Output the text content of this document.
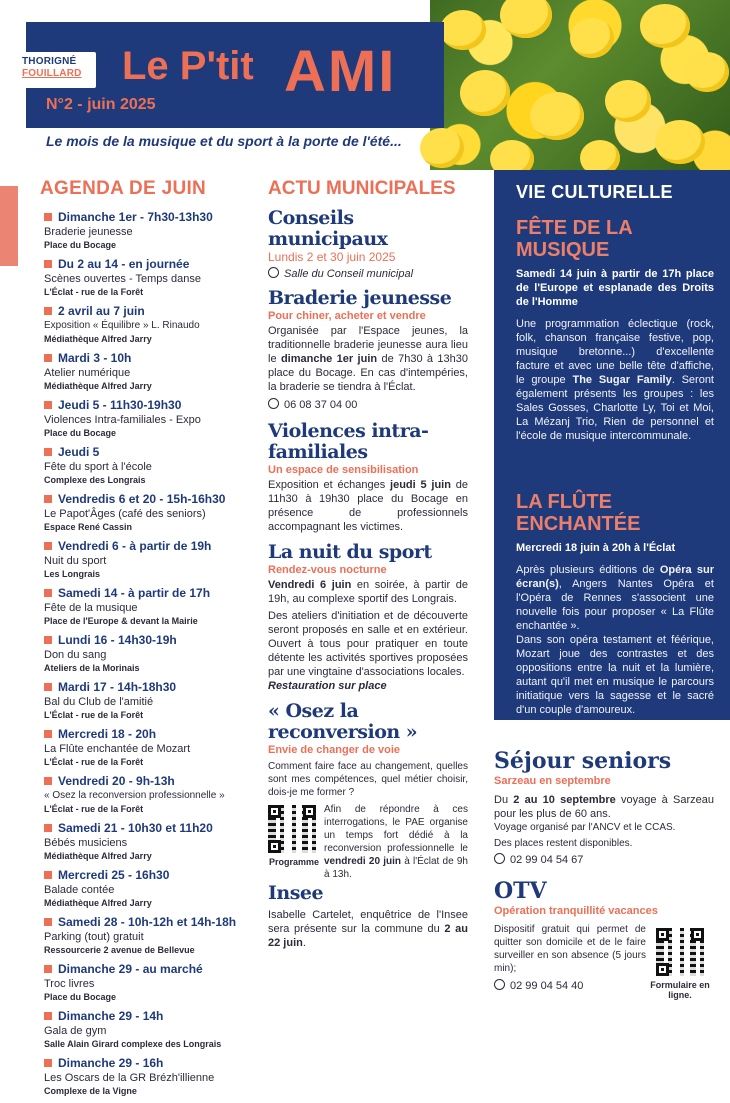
THORIGNÉ
FOUILLARD Le P'tit AMI
N°2 - juin 2025
Le mois de la musique et du sport à la porte de l'été...
AGENDA DE JUIN
Dimanche 1er - 7h30-13h30
Braderie jeunesse
Place du Bocage
Du 2 au 14 - en journée
Scènes ouvertes - Temps danse
L'Éclat - rue de la Forêt
2 avril au 7 juin
Exposition « Équilibre » L. Rinaudo
Médiathèque Alfred Jarry
Mardi 3 - 10h
Atelier numérique
Médiathèque Alfred Jarry
Jeudi 5 - 11h30-19h30
Violences Intra-familiales - Expo
Place du Bocage
Jeudi 5
Fête du sport à l'école
Complexe des Longrais
Vendredis 6 et 20 - 15h-16h30
Le Papot'Âges (café des seniors)
Espace René Cassin
Vendredi 6 - à partir de 19h
Nuit du sport
Les Longrais
Samedi 14 - à partir de 17h
Fête de la musique
Place de l'Europe & devant la Mairie
Lundi 16 - 14h30-19h
Don du sang
Ateliers de la Morinais
Mardi 17 - 14h-18h30
Bal du Club de l'amitié
L'Éclat - rue de la Forêt
Mercredi 18 - 20h
La Flûte enchantée de Mozart
L'Éclat - rue de la Forêt
Vendredi 20 - 9h-13h
« Osez la reconversion professionnelle »
L'Éclat - rue de la Forêt
Samedi 21 - 10h30 et 11h20
Bébés musiciens
Médiathèque Alfred Jarry
Mercredi 25 - 16h30
Balade contée
Médiathèque Alfred Jarry
Samedi 28 - 10h-12h et 14h-18h
Parking (tout) gratuit
Ressourcerie 2 avenue de Bellevue
Dimanche 29 - au marché
Troc livres
Place du Bocage
Dimanche 29 - 14h
Gala de gym
Salle Alain Girard complexe des Longrais
Dimanche 29 - 16h
Les Oscars de la GR Brézh'illienne
Complexe de la Vigne
ACTU MUNICIPALES
Conseils municipaux
Lundis 2 et 30 juin 2025
Salle du Conseil municipal
Braderie jeunesse
Pour chiner, acheter et vendre
Organisée par l'Espace jeunes, la traditionnelle braderie jeunesse aura lieu le dimanche 1er juin de 7h30 à 13h30 place du Bocage. En cas d'intempéries, la braderie se tiendra à l'Éclat.
06 08 37 04 00
Violences intra-familiales
Un espace de sensibilisation
Exposition et échanges jeudi 5 juin de 11h30 à 19h30 place du Bocage en présence de professionnels accompagnant les victimes.
La nuit du sport
Rendez-vous nocturne
Vendredi 6 juin en soirée, à partir de 19h, au complexe sportif des Longrais.
Des ateliers d'initiation et de découverte seront proposés en salle et en extérieur. Ouvert à tous pour pratiquer en toute détente les activités sportives proposées par une vingtaine d'associations locales.
Restauration sur place
« Osez la reconversion »
Envie de changer de voie
Comment faire face au changement, quelles sont mes compétences, quel métier choisir, dois-je me former ?
Programme
Afin de répondre à ces interrogations, le PAE organise un temps fort dédié à la reconversion professionnelle le vendredi 20 juin à l'Éclat de 9h à 13h.
Insee
Isabelle Cartelet, enquêtrice de l'Insee sera présente sur la commune du 2 au 22 juin.
VIE CULTURELLE
FÊTE DE LA MUSIQUE
Samedi 14 juin à partir de 17h place de l'Europe et esplanade des Droits de l'Homme
Une programmation éclectique (rock, folk, chanson française festive, pop, musique bretonne...) d'excellente facture et avec une belle tête d'affiche, le groupe The Sugar Family. Seront également présents les groupes : les Sales Gosses, Charlotte Ly, Toi et Moi, La Mézanj Trio, Rien de personnel et l'école de musique intercommunale.
LA FLÛTE ENCHANTÉE
Mercredi 18 juin à 20h à l'Éclat
Après plusieurs éditions de Opéra sur écran(s), Angers Nantes Opéra et l'Opéra de Rennes s'associent une nouvelle fois pour proposer « La Flûte enchantée ».
Dans son opéra testament et féérique, Mozart joue des contrastes et des oppositions entre la nuit et la lumière, autant qu'il met en musique le parcours initiatique vers la sagesse et le sacré d'un couple d'amoureux.
Séjour seniors
Sarzeau en septembre
Du 2 au 10 septembre voyage à Sarzeau pour les plus de 60 ans.
Voyage organisé par l'ANCV et le CCAS.
Des places restent disponibles.
02 99 04 54 67
OTV
Opération tranquillité vacances
Dispositif gratuit qui permet de quitter son domicile et de le faire surveiller en son absence (5 jours min);
02 99 04 54 40	Formulaire en ligne.
